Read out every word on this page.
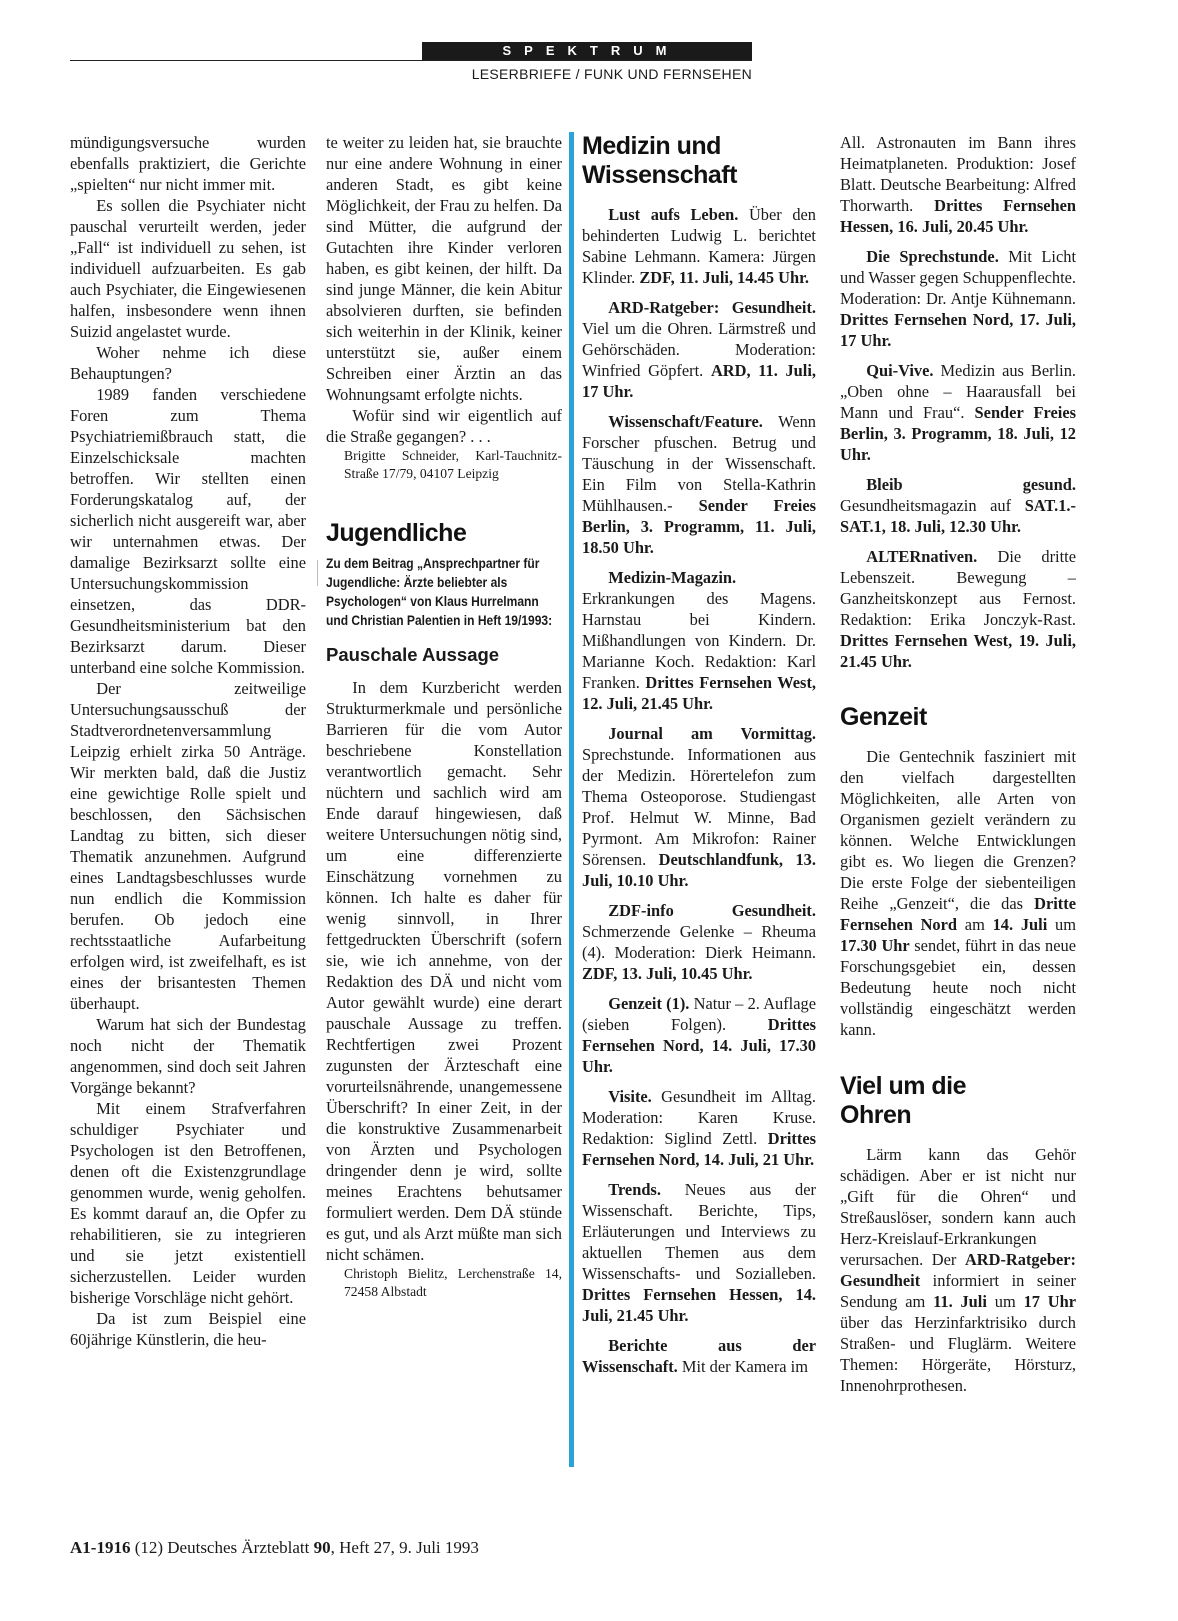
SPEKTRUM
LESERBRIEFE / FUNK UND FERNSEHEN

mündigungsversuche wurden ebenfalls praktiziert, die Gerichte „spielten“ nur nicht immer mit.

Es sollen die Psychiater nicht pauschal verurteilt werden, jeder „Fall“ ist individuell zu sehen, ist individuell aufzuarbeiten. Es gab auch Psychiater, die Eingewiesenen halfen, insbesondere wenn ihnen Suizid angelastet wurde.

Woher nehme ich diese Behauptungen?

1989 fanden verschiedene Foren zum Thema Psychiatriemißbrauch statt, die Einzelschicksale machten betroffen. Wir stellten einen Forderungskatalog auf, der sicherlich nicht ausgereift war, aber wir unternahmen etwas. Der damalige Bezirksarzt sollte eine Untersuchungskommission einsetzen, das DDR-Gesundheitsministerium bat den Bezirksarzt darum. Dieser unterband eine solche Kommission.

Der zeitweilige Untersuchungsausschuß der Stadtverordnetenversammlung Leipzig erhielt zirka 50 Anträge. Wir merkten bald, daß die Justiz eine gewichtige Rolle spielt und beschlossen, den Sächsischen Landtag zu bitten, sich dieser Thematik anzunehmen. Aufgrund eines Landtagsbeschlusses wurde nun endlich die Kommission berufen. Ob jedoch eine rechtsstaatliche Aufarbeitung erfolgen wird, ist zweifelhaft, es ist eines der brisantesten Themen überhaupt.

Warum hat sich der Bundestag noch nicht der Thematik angenommen, sind doch seit Jahren Vorgänge bekannt?

Mit einem Strafverfahren schuldiger Psychiater und Psychologen ist den Betroffenen, denen oft die Existenzgrundlage genommen wurde, wenig geholfen. Es kommt darauf an, die Opfer zu rehabilitieren, sie zu integrieren und sie jetzt existentiell sicherzustellen. Leider wurden bisherige Vorschläge nicht gehört.

Da ist zum Beispiel eine 60jährige Künstlerin, die heu-

te weiter zu leiden hat, sie brauchte nur eine andere Wohnung in einer anderen Stadt, es gibt keine Möglichkeit, der Frau zu helfen. Da sind Mütter, die aufgrund der Gutachten ihre Kinder verloren haben, es gibt keinen, der hilft. Da sind junge Männer, die kein Abitur absolvieren durften, sie befinden sich weiterhin in der Klinik, keiner unterstützt sie, außer einem Schreiben einer Ärztin an das Wohnungsamt erfolgte nichts.

Wofür sind wir eigentlich auf die Straße gegangen? . . .

Brigitte Schneider, Karl-Tauchnitz-Straße 17/79, 04107 Leipzig

Jugendliche
Zu dem Beitrag „Ansprechpartner für Jugendliche: Ärzte beliebter als Psychologen“ von Klaus Hurrelmann und Christian Palentien in Heft 19/1993:
Pauschale Aussage

In dem Kurzbericht werden Strukturmerkmale und persönliche Barrieren für die vom Autor beschriebene Konstellation verantwortlich gemacht. Sehr nüchtern und sachlich wird am Ende darauf hingewiesen, daß weitere Untersuchungen nötig sind, um eine differenzierte Einschätzung vornehmen zu können. Ich halte es daher für wenig sinnvoll, in Ihrer fettgedruckten Überschrift (sofern sie, wie ich annehme, von der Redaktion des DÄ und nicht vom Autor gewählt wurde) eine derart pauschale Aussage zu treffen. Rechtfertigen zwei Prozent zugunsten der Ärzteschaft eine vorurteilsnährende, unangemessene Überschrift? In einer Zeit, in der die konstruktive Zusammenarbeit von Ärzten und Psychologen dringender denn je wird, sollte meines Erachtens behutsamer formuliert werden. Dem DÄ stünde es gut, und als Arzt müßte man sich nicht schämen.

Christoph Bielitz, Lerchenstraße 14, 72458 Albstadt

Medizin und Wissenschaft

Lust aufs Leben. Über den behinderten Ludwig L. berichtet Sabine Lehmann. Kamera: Jürgen Klinder. ZDF, 11. Juli, 14.45 Uhr.

ARD-Ratgeber: Gesundheit. Viel um die Ohren. Lärmstreß und Gehörschäden. Moderation: Winfried Göpfert. ARD, 11. Juli, 17 Uhr.

Wissenschaft/Feature. Wenn Forscher pfuschen. Betrug und Täuschung in der Wissenschaft. Ein Film von Stella-Kathrin Mühlhausen.- Sender Freies Berlin, 3. Programm, 11. Juli, 18.50 Uhr.

Medizin-Magazin. Erkrankungen des Magens. Harnstau bei Kindern. Mißhandlungen von Kindern. Dr. Marianne Koch. Redaktion: Karl Franken. Drittes Fernsehen West, 12. Juli, 21.45 Uhr.

Journal am Vormittag. Sprechstunde. Informationen aus der Medizin. Hörertelefon zum Thema Osteoporose. Studiengast Prof. Helmut W. Minne, Bad Pyrmont. Am Mikrofon: Rainer Sörensen. Deutschlandfunk, 13. Juli, 10.10 Uhr.

ZDF-info Gesundheit. Schmerzende Gelenke – Rheuma (4). Moderation: Dierk Heimann. ZDF, 13. Juli, 10.45 Uhr.

Genzeit (1). Natur – 2. Auflage (sieben Folgen).	Drittes Fernsehen Nord, 14. Juli, 17.30 Uhr.

Visite. Gesundheit im Alltag. Moderation: Karen Kruse. Redaktion: Siglind Zettl. Drittes Fernsehen Nord, 14. Juli, 21 Uhr.

Trends. Neues aus der Wissenschaft. Berichte, Tips, Erläuterungen und Interviews zu aktuellen Themen aus dem Wissenschafts- und Sozialleben. Drittes Fernsehen Hessen, 14. Juli, 21.45 Uhr.

Berichte aus der Wissenschaft. Mit der Kamera im

All. Astronauten im Bann ihres Heimatplaneten. Produktion: Josef Blatt. Deutsche Bearbeitung: Alfred Thorwarth. Drittes Fernsehen Hessen, 16. Juli, 20.45 Uhr.

Die Sprechstunde. Mit Licht und Wasser gegen Schuppenflechte. Moderation: Dr. Antje Kühnemann. Drittes Fernsehen Nord, 17. Juli, 17 Uhr.

Qui-Vive. Medizin aus Berlin. „Oben ohne – Haarausfall bei Mann und Frau“. Sender Freies Berlin, 3. Programm, 18. Juli, 12 Uhr.

Bleib gesund. Gesundheitsmagazin auf SAT.1.- SAT.1, 18. Juli, 12.30 Uhr.

ALTERnativen. Die dritte Lebenszeit. Bewegung – Ganzheitskonzept aus Fernost. Redaktion: Erika Jonczyk-Rast. Drittes Fernsehen West, 19. Juli, 21.45 Uhr.

Genzeit

Die Gentechnik fasziniert mit den vielfach dargestellten Möglichkeiten, alle Arten von Organismen gezielt verändern zu können. Welche Entwicklungen gibt es. Wo liegen die Grenzen? Die erste Folge der siebenteiligen Reihe „Genzeit“, die das Dritte Fernsehen Nord am 14. Juli um 17.30 Uhr sendet, führt in das neue Forschungsgebiet ein, dessen Bedeutung heute noch nicht vollständig eingeschätzt werden kann.

Viel um die Ohren

Lärm kann das Gehör schädigen. Aber er ist nicht nur „Gift für die Ohren“ und Streßauslöser, sondern kann auch Herz-Kreislauf-Erkrankungen verursachen. Der ARD-Ratgeber: Gesundheit informiert in seiner Sendung am 11. Juli um 17 Uhr über das Herzinfarktrisiko durch Straßen- und Fluglärm. Weitere Themen: Hörgeräte, Hörsturz, Innenohrprothesen.

A1-1916 (12) Deutsches Ärzteblatt 90, Heft 27, 9. Juli 1993
